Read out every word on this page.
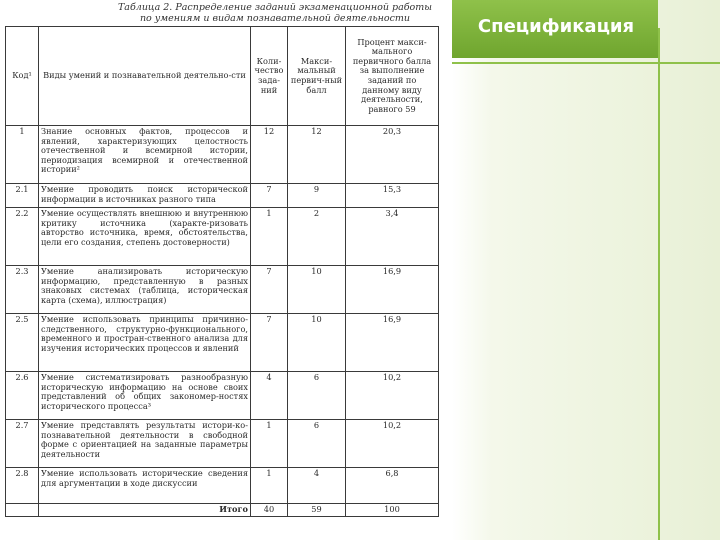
Спецификация
Таблица 2. Распределение заданий экзаменационной работы
по умениям и видам познавательной деятельности
Код¹	Виды умений и познавательной деятельно-сти	Коли-чество зада-ний	Макси-мальный первич-ный балл	Процент макси-мального первичного балла за выполнение заданий по данному виду деятельности, равного 59
1	Знание основных фактов, процессов и явлений, характеризующих целостность отечественной и всемирной истории, периодизация всемирной и отечественной истории²	12	12	20,3
2.1	Умение проводить поиск исторической информации в источниках разного типа	7	9	15,3
2.2	Умение осуществлять внешнюю и внутреннюю критику источника (характе-ризовать авторство источника, время, обстоятельства, цели его создания, степень достоверности)	1	2	3,4
2.3	Умение анализировать историческую информацию, представленную в разных знаковых системах (таблица, историческая карта (схема), иллюстрация)	7	10	16,9
2.5	Умение использовать принципы причинно-следственного, структурно-функционального, временного и простран-ственного анализа для изучения исторических процессов и явлений	7	10	16,9
2.6	Умение систематизировать разнообразную историческую информацию на основе своих представлений об общих закономер-ностях исторического процесса³	4	6	10,2
2.7	Умение представлять результаты истори-ко-познавательной деятельности в свободной форме с ориентацией на заданные параметры деятельности	1	6	10,2
2.8	Умение использовать исторические сведения для аргументации в ходе дискуссии	1	4	6,8
	Итого	40	59	100
